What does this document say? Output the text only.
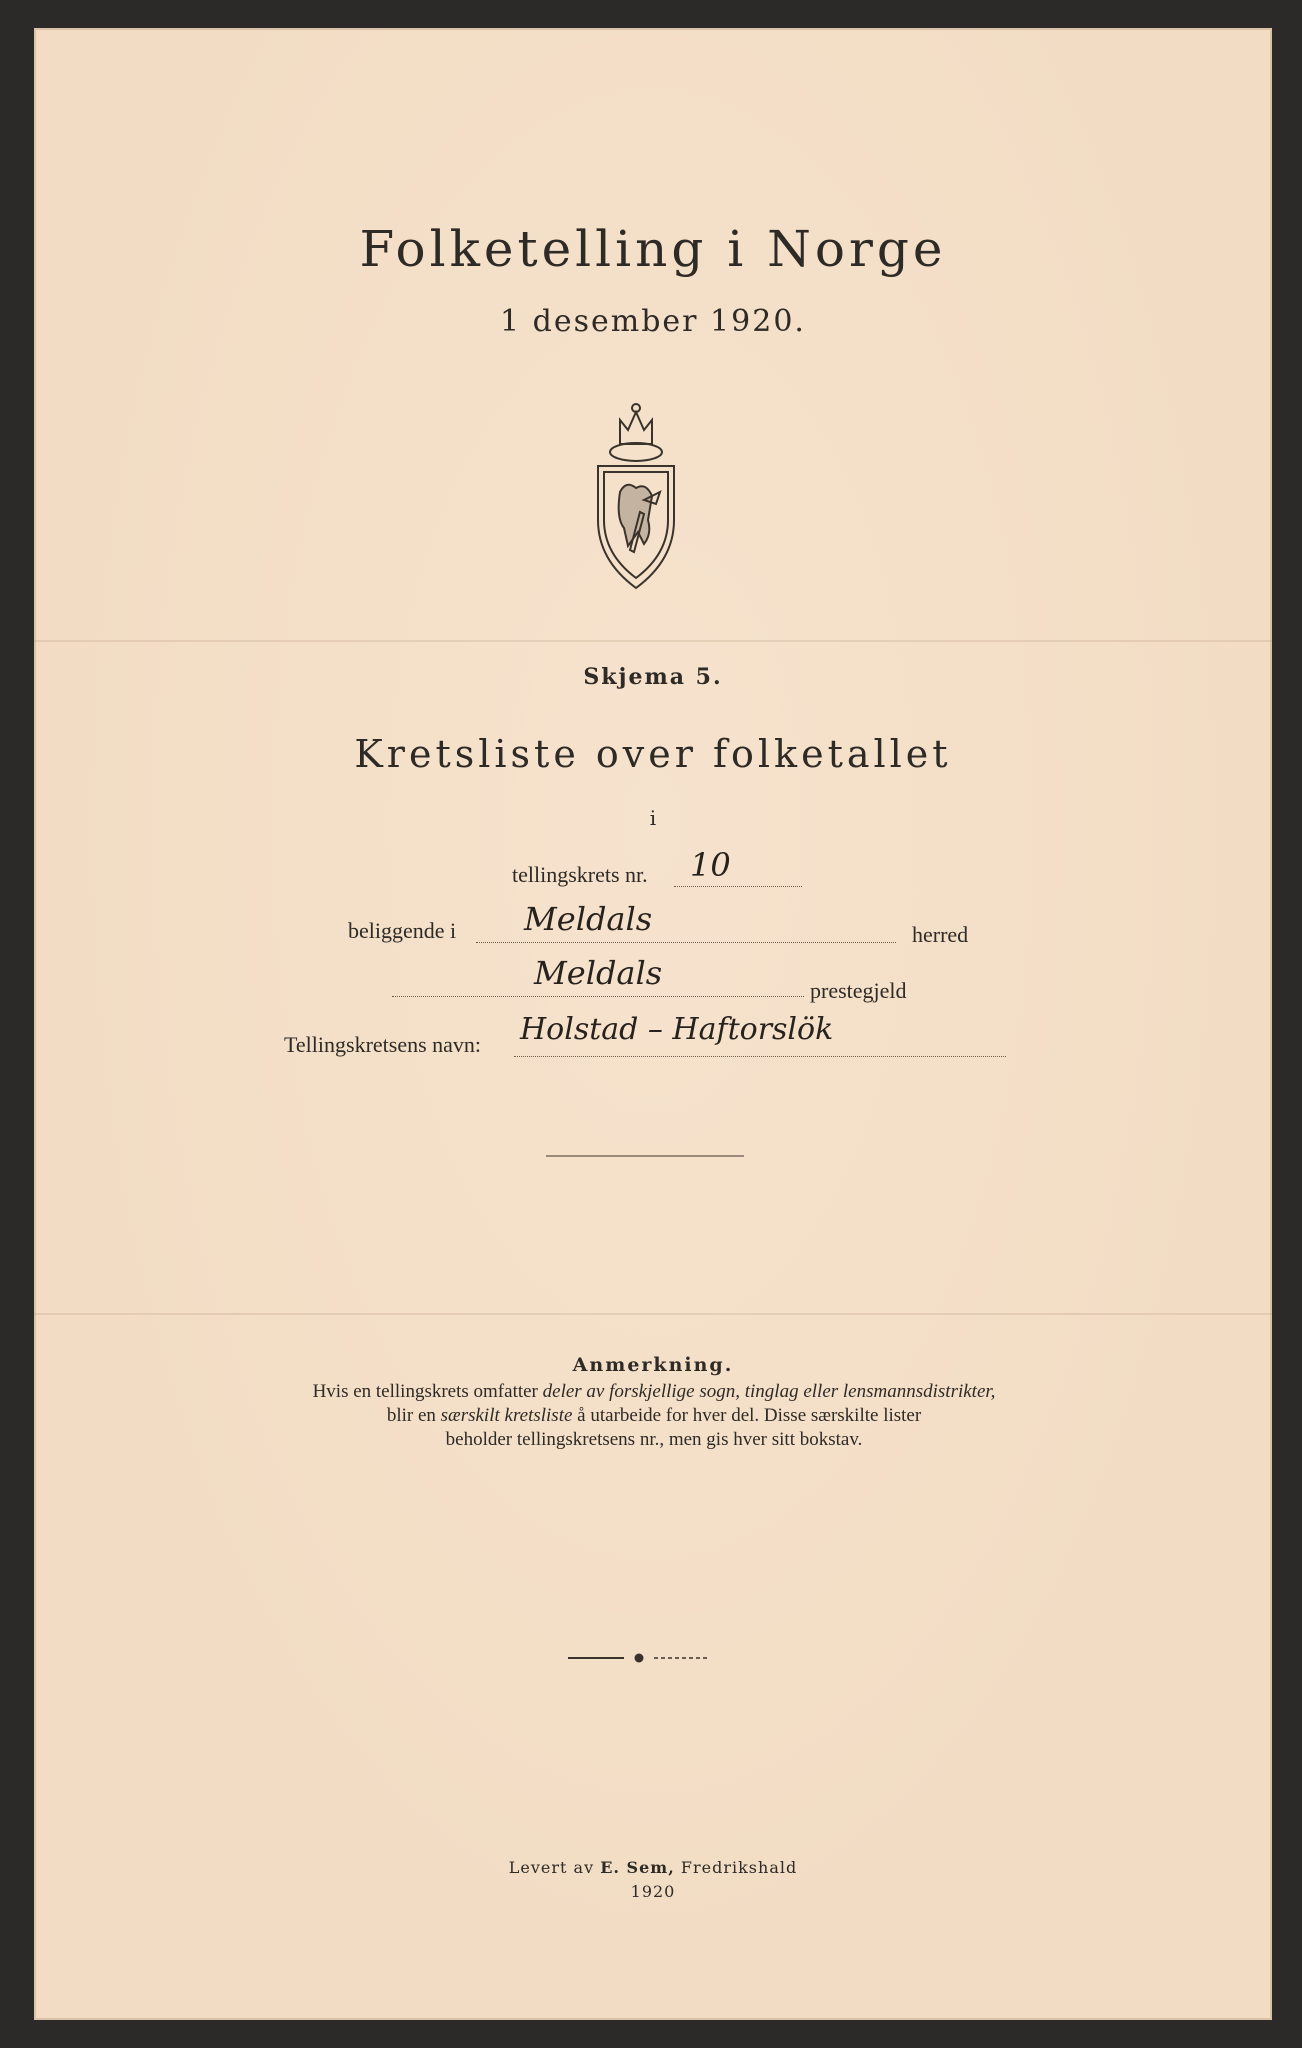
Folketelling i Norge
1 desember 1920.
Skjema 5.
Kretsliste over folketallet
i
tellingskrets nr. 10
beliggende i Meldals	herred
Meldals	prestegjeld
Tellingskretsens navn: Holstad – Haftorslök
Anmerkning.
Hvis en tellingskrets omfatter deler av forskjellige sogn, tinglag eller lensmannsdistrikter,
blir en særskilt kretsliste å utarbeide for hver del. Disse særskilte lister
beholder tellingskretsens nr., men gis hver sitt bokstav.
Levert av E. Sem, Fredrikshald
1920
